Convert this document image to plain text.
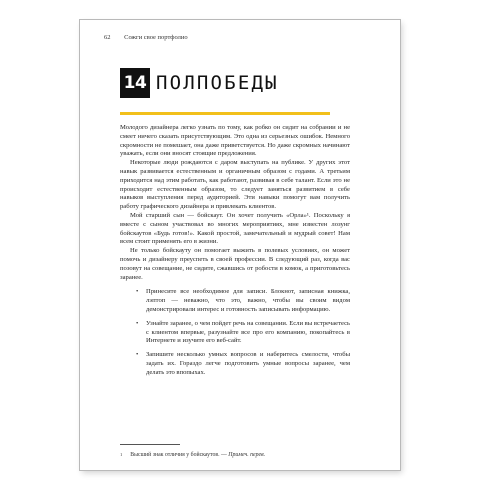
62 Сожги свое портфолио
14 ПОЛПОБЕДЫ

Молодого дизайнера легко узнать по тому, как робко он сидит на собрании и не смеет ничего сказать присутствующим. Это одна из серьезных ошибок. Немного скромности не помешает, она даже приветствуется. Но даже скромных начинают уважать, если они вносят стоящие предложения.

Некоторые люди рождаются с даром выступать на публике. У других этот навык развивается естественным и органичным образом с годами. А третьим приходится над этим работать, как работают, развивая в себе талант. Если это не происходит естественным образом, то следует заняться развитием в себе навыков выступления перед аудиторией. Эти навыки помогут вам получить работу графического дизайнера и привлекать клиентов.

Мой старший сын — бойскаут. Он хочет получить «Орла»¹. Поскольку я вместе с сыном участвовал во многих мероприятиях, мне известен лозунг бойскаутов «Будь готов!». Какой простой, замечательный и мудрый совет! Нам всем стоит применять его в жизни.

Не только бойскауту он помогает выжить в полевых условиях, он может помочь и дизайнеру преуспеть в своей профессии. В следующий раз, когда вас позовут на совещание, не сидите, сжавшись от робости в комок, а приготовьтесь заранее.

• Принесите все необходимое для записи. Блокнот, записная книжка, лэптоп — неважно, что это, важно, чтобы вы своим видом демонстрировали интерес и готовность записывать информацию.
• Узнайте заранее, о чем пойдет речь на совещании. Если вы встречаетесь с клиентом впервые, разузнайте все про его компанию, покопайтесь в Интернете и изучите его веб-сайт.
• Запишите несколько умных вопросов и наберитесь смелости, чтобы задать их. Гораздо легче подготовить умные вопросы заранее, чем делать это впопыхах.
$^1$ Высший знак отличия у бойскаутов. — Примеч. перев.
